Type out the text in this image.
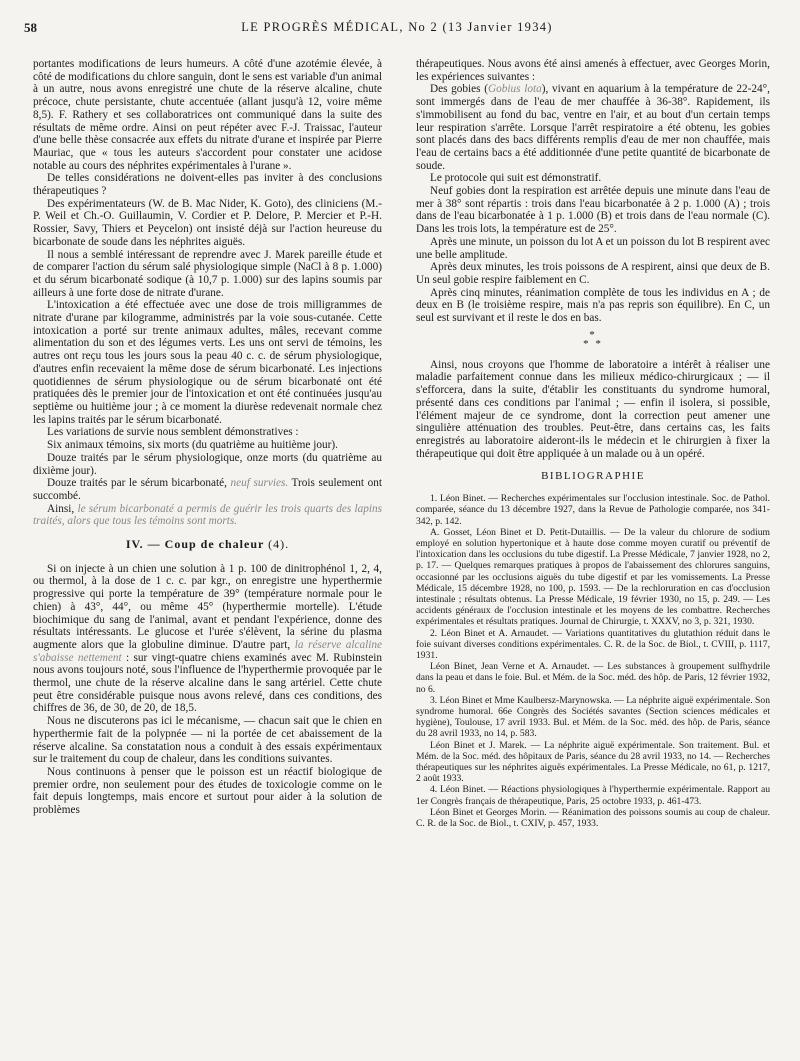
58	LE PROGRÈS MÉDICAL, No 2 (13 Janvier 1934)

portantes modifications de leurs humeurs. A côté d'une azotémie élevée, à côté de modifications du chlore sanguin, dont le sens est variable d'un animal à un autre, nous avons enregistré une chute de la réserve alcaline, chute précoce, chute persistante, chute accentuée (allant jusqu'à 12, voire même 8,5). F. Rathery et ses collaboratrices ont communiqué dans la suite des résultats de même ordre. Ainsi on peut répéter avec F.-J. Traissac, l'auteur d'une belle thèse consacrée aux effets du nitrate d'urane et inspirée par Pierre Mauriac, que « tous les auteurs s'accordent pour constater une acidose notable au cours des néphrites expérimentales à l'urane ».

De telles considérations ne doivent-elles pas inviter à des conclusions thérapeutiques ?

Des expérimentateurs (W. de B. Mac Nider, K. Goto), des cliniciens (M.-P. Weil et Ch.-O. Guillaumin, V. Cordier et P. Delore, P. Mercier et P.-H. Rossier, Savy, Thiers et Peycelon) ont insisté déjà sur l'action heureuse du bicarbonate de soude dans les néphrites aiguës.

Il nous a semblé intéressant de reprendre avec J. Marek pareille étude et de comparer l'action du sérum salé physiologique simple (NaCl à 8 p. 1.000) et du sérum bicarbonaté sodique (à 10,7 p. 1.000) sur des lapins soumis par ailleurs à une forte dose de nitrate d'urane.

L'intoxication a été effectuée avec une dose de trois milligrammes de nitrate d'urane par kilogramme, administrés par la voie sous-cutanée. Cette intoxication a porté sur trente animaux adultes, mâles, recevant comme alimentation du son et des légumes verts. Les uns ont servi de témoins, les autres ont reçu tous les jours sous la peau 40 c. c. de sérum physiologique, d'autres enfin recevaient la même dose de sérum bicarbonaté. Les injections quotidiennes de sérum physiologique ou de sérum bicarbonaté ont été pratiquées dès le premier jour de l'intoxication et ont été continuées jusqu'au septième ou huitième jour ; à ce moment la diurèse redevenait normale chez les lapins traités par le sérum bicarbonaté.

Les variations de survie nous semblent démonstratives :

Six animaux témoins, six morts (du quatrième au huitième jour).

Douze traités par le sérum physiologique, onze morts (du quatrième au dixième jour).

Douze traités par le sérum bicarbonaté, neuf survies. Trois seulement ont succombé.

Ainsi, le sérum bicarbonaté a permis de guérir les trois quarts des lapins traités, alors que tous les témoins sont morts.

IV. — Coup de chaleur (4).

Si on injecte à un chien une solution à 1 p. 100 de dinitrophénol 1, 2, 4, ou thermol, à la dose de 1 c. c. par kgr., on enregistre une hyperthermie progressive qui porte la température de 39° (température normale pour le chien) à 43°, 44°, ou même 45° (hyperthermie mortelle). L'étude biochimique du sang de l'animal, avant et pendant l'expérience, donne des résultats intéressants. Le glucose et l'urée s'élèvent, la sérine du plasma augmente alors que la globuline diminue. D'autre part, la réserve alcaline s'abaisse nettement : sur vingt-quatre chiens examinés avec M. Rubinstein nous avons toujours noté, sous l'influence de l'hyperthermie provoquée par le thermol, une chute de la réserve alcaline dans le sang artériel. Cette chute peut être considérable puisque nous avons relevé, dans ces conditions, des chiffres de 36, de 30, de 20, de 18,5.

Nous ne discuterons pas ici le mécanisme, — chacun sait que le chien en hyperthermie fait de la polypnée — ni la portée de cet abaissement de la réserve alcaline. Sa constatation nous a conduit à des essais expérimentaux sur le traitement du coup de chaleur, dans les conditions suivantes.

Nous continuons à penser que le poisson est un réactif biologique de premier ordre, non seulement pour des études de toxicologie comme on le fait depuis longtemps, mais encore et surtout pour aider à la solution de problèmes

thérapeutiques. Nous avons été ainsi amenés à effectuer, avec Georges Morin, les expériences suivantes :

Des gobies (Gobius lota), vivant en aquarium à la température de 22-24°, sont immergés dans de l'eau de mer chauffée à 36-38°. Rapidement, ils s'immobilisent au fond du bac, ventre en l'air, et au bout d'un certain temps leur respiration s'arrête. Lorsque l'arrêt respiratoire a été obtenu, les gobies sont placés dans des bacs différents remplis d'eau de mer non chauffée, mais l'eau de certains bacs a été additionnée d'une petite quantité de bicarbonate de soude.

Le protocole qui suit est démonstratif.

Neuf gobies dont la respiration est arrêtée depuis une minute dans l'eau de mer à 38° sont répartis : trois dans l'eau bicarbonatée à 2 p. 1.000 (A) ; trois dans de l'eau bicarbonatée à 1 p. 1.000 (B) et trois dans de l'eau normale (C). Dans les trois lots, la température est de 25°.

Après une minute, un poisson du lot A et un poisson du lot B respirent avec une belle amplitude.

Après deux minutes, les trois poissons de A respirent, ainsi que deux de B. Un seul gobie respire faiblement en C.

Après cinq minutes, réanimation complète de tous les individus en A ; de deux en B (le troisième respire, mais n'a pas repris son équilibre). En C, un seul est survivant et il reste le dos en bas.

*
* *

Ainsi, nous croyons que l'homme de laboratoire a intérêt à réaliser une maladie parfaitement connue dans les milieux médico-chirurgicaux ; — il s'efforcera, dans la suite, d'établir les constituants du syndrome humoral, présenté dans ces conditions par l'animal ; — enfin il isolera, si possible, l'élément majeur de ce syndrome, dont la correction peut amener une singulière atténuation des troubles. Peut-être, dans certains cas, les faits enregistrés au laboratoire aideront-ils le médecin et le chirurgien à fixer la thérapeutique qui doit être appliquée à un malade ou à un opéré.

BIBLIOGRAPHIE

1. Léon Binet. — Recherches expérimentales sur l'occlusion intestinale. Soc. de Pathol. comparée, séance du 13 décembre 1927, dans la Revue de Pathologie comparée, nos 341-342, p. 142.

A. Gosset, Léon Binet et D. Petit-Dutaillis. — De la valeur du chlorure de sodium employé en solution hypertonique et à haute dose comme moyen curatif ou préventif de l'intoxication dans les occlusions du tube digestif. La Presse Médicale, 7 janvier 1928, no 2, p. 17. — Quelques remarques pratiques à propos de l'abaissement des chlorures sanguins, occasionné par les occlusions aiguës du tube digestif et par les vomissements. La Presse Médicale, 15 décembre 1928, no 100, p. 1593. — De la rechloruration en cas d'occlusion intestinale ; résultats obtenus. La Presse Médicale, 19 février 1930, no 15, p. 249. — Les accidents généraux de l'occlusion intestinale et les moyens de les combattre. Recherches expérimentales et résultats pratiques. Journal de Chirurgie, t. XXXV, no 3, p. 321, 1930.

2. Léon Binet et A. Arnaudet. — Variations quantitatives du glutathion réduit dans le foie suivant diverses conditions expérimentales. C. R. de la Soc. de Biol., t. CVIII, p. 1117, 1931.

Léon Binet, Jean Verne et A. Arnaudet. — Les substances à groupement sulfhydrile dans la peau et dans le foie. Bul. et Mém. de la Soc. méd. des hôp. de Paris, 12 février 1932, no 6.

3. Léon Binet et Mme Kaulbersz-Marynowska. — La néphrite aiguë expérimentale. Son syndrome humoral. 66e Congrès des Sociétés savantes (Section sciences médicales et hygiène), Toulouse, 17 avril 1933. Bul. et Mém. de la Soc. méd. des hôp. de Paris, séance du 28 avril 1933, no 14, p. 583.

Léon Binet et J. Marek. — La néphrite aiguë expérimentale. Son traitement. Bul. et Mém. de la Soc. méd. des hôpitaux de Paris, séance du 28 avril 1933, no 14. — Recherches thérapeutiques sur les néphrites aiguës expérimentales. La Presse Médicale, no 61, p. 1217, 2 août 1933.

4. Léon Binet. — Réactions physiologiques à l'hyperthermie expérimentale. Rapport au 1er Congrès français de thérapeutique, Paris, 25 octobre 1933, p. 461-473.

Léon Binet et Georges Morin. — Réanimation des poissons soumis au coup de chaleur. C. R. de la Soc. de Biol., t. CXIV, p. 457, 1933.
